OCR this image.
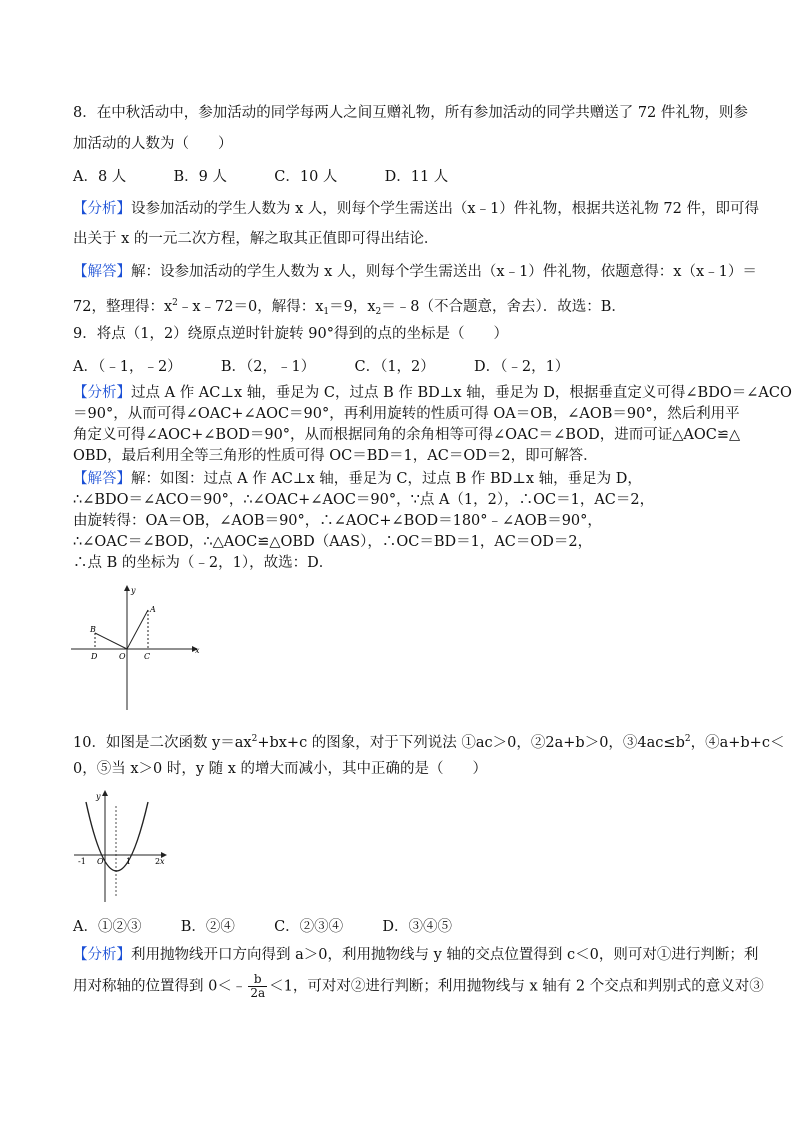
8．在中秋活动中，参加活动的同学每两人之间互赠礼物，所有参加活动的同学共赠送了 72 件礼物，则参
加活动的人数为（　　）
A．8 人	B．9 人	C．10 人	D．11 人
【分析】设参加活动的学生人数为 x 人，则每个学生需送出（x﹣1）件礼物，根据共送礼物 72 件，即可得
出关于 x 的一元二次方程，解之取其正值即可得出结论．
【解答】解：设参加活动的学生人数为 x 人，则每个学生需送出（x﹣1）件礼物，依题意得：x（x﹣1）＝
72，整理得：$x^2﹣x﹣72=0$，解得：$x_1=9$，$x_2=﹣8$（不合题意，舍去）．故选：B．
9．将点（1，2）绕原点逆时针旋转 90°得到的点的坐标是（　　）
A．（﹣1，﹣2）	B．（2，﹣1）	C．（1，2）	D．（﹣2，1）
【分析】过点 A 作 AC⊥x 轴，垂足为 C，过点 B 作 BD⊥x 轴，垂足为 D，根据垂直定义可得∠BDO＝∠ACO
＝90°，从而可得∠OAC+∠AOC＝90°，再利用旋转的性质可得 OA＝OB，∠AOB＝90°，然后利用平
角定义可得∠AOC+∠BOD＝90°，从而根据同角的余角相等可得∠OAC＝∠BOD，进而可证△AOC≌△
OBD，最后利用全等三角形的性质可得 OC＝BD＝1，AC＝OD＝2，即可解答．
【解答】解：如图：过点 A 作 AC⊥x 轴，垂足为 C，过点 B 作 BD⊥x 轴，垂足为 D，
∴∠BDO＝∠ACO＝90°，∴∠OAC+∠AOC＝90°，∵点 A（1，2），∴OC＝1，AC＝2，
由旋转得：OA＝OB，∠AOB＝90°，∴∠AOC+∠BOD＝180°﹣∠AOB＝90°，
∴∠OAC＝∠BOD，∴△AOC≌△OBD（AAS），∴OC＝BD＝1，AC＝OD＝2，
∴点 B 的坐标为（﹣2，1），故选：D．
y
x
A
B
D	O C
10．如图是二次函数 $y=ax^2+bx+c$ 的图象，对于下列说法 ①ac＞0，②2a+b＞0，$③4ac\le b^2$，④a+b+c＜
0，⑤当 x＞0 时，y 随 x 的增大而减小，其中正确的是（　　）
y
x
-1 O	1	2
A．①②③	B．②④	C．②③④	D．③④⑤
【分析】利用抛物线开口方向得到 a＞0，利用抛物线与 y 轴的交点位置得到 c＜0，则可对①进行判断；利
用对称轴的位置得到 0＜﹣ $\frac{b}{2a} <1$，可对对②进行判断；利用抛物线与 x 轴有 2 个交点和判别式的意义对③
